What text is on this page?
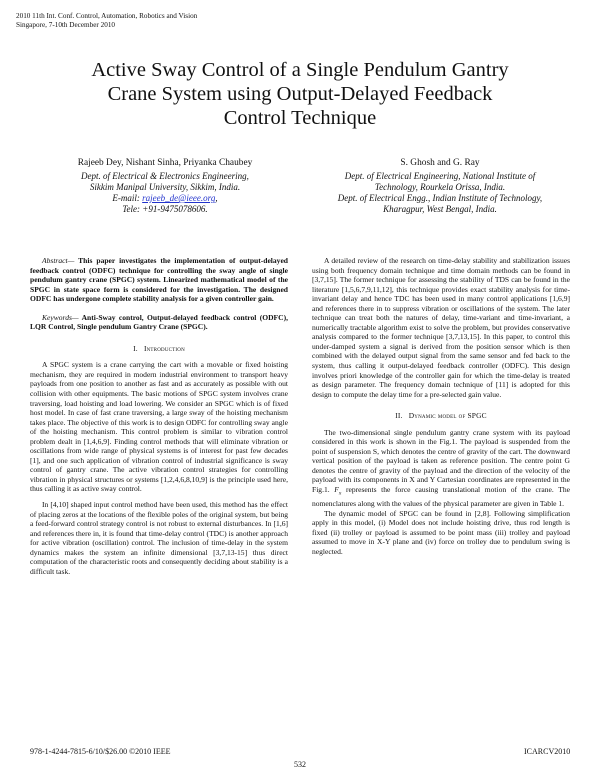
2010 11th Int. Conf. Control, Automation, Robotics and Vision
Singapore, 7-10th December 2010
Active Sway Control of a Single Pendulum Gantry
Crane System using Output-Delayed Feedback
Control Technique
Rajeeb Dey, Nishant Sinha, Priyanka Chaubey
Dept. of Electrical & Electronics Engineering,
Sikkim Manipal University, Sikkim, India.
E-mail: rajeeb_de@ieee.org,
Tele: +91-9475078606.
S. Ghosh and G. Ray
Dept. of Electrical Engineering, National Institute of
Technology, Rourkela Orissa, India.
Dept. of Electrical Engg., Indian Institute of Technology,
Kharagpur, West Bengal, India.

Abstract— This paper investigates the implementation of output-delayed feedback control (ODFC) technique for controlling the sway angle of single pendulum gantry crane (SPGC) system. Linearized mathematical model of the SPGC in state space form is considered for the investigation. The designed ODFC has undergone complete stability analysis for a given controller gain.

Keywords— Anti-Sway control, Output-delayed feedback control (ODFC), LQR Control, Single pendulum Gantry Crane (SPGC).

I. Introduction

A SPGC system is a crane carrying the cart with a movable or fixed hoisting mechanism, they are required in modern industrial environment to transport heavy payloads from one position to another as fast and as accurately as possible with out collision with other equipments. The basic motions of SPGC system involves crane traversing, load hoisting and load lowering. We consider an SPGC which is of fixed host model. In case of fast crane traversing, a large sway of the hoisting mechanism takes place. The objective of this work is to design ODFC for controlling sway angle of the hoisting mechanism. This control problem is similar to vibration control problem dealt in [1,4,6,9]. Finding control methods that will eliminate vibration or oscillations from wide range of physical systems is of interest for past few decades [1], and one such application of vibration control of industrial significance is sway control of gantry crane. The active vibration control strategies for controlling vibration in physical structures or systems [1,2,4,6,8,10,9] is the principle used here, thus calling it as active sway control.

In [4,10] shaped input control method have been used, this method has the effect of placing zeros at the locations of the flexible poles of the original system, but being a feed-forward control strategy control is not robust to external disturbances. In [1,6] and references there in, it is found that time-delay control (TDC) is another approach for active vibration (oscillation) control. The inclusion of time-delay in the system dynamics makes the system an infinite dimensional [3,7,13-15] thus direct computation of the characteristic roots and consequently deciding about stability is a difficult task.

A detailed review of the research on time-delay stability and stabilization issues using both frequency domain technique and time domain methods can be found in [3,7,15]. The former technique for assessing the stability of TDS can be found in the literature [1,5,6,7,9,11,12], this technique provides exact stability analysis for time-invariant delay and hence TDC has been used in many control applications [1,6,9] and references there in to suppress vibration or oscillations of the system. The later technique can treat both the natures of delay, time-variant and time-invariant, a numerically tractable algorithm exist to solve the problem, but provides conservative analysis compared to the former technique [3,7,13,15]. In this paper, to control this under-damped system a signal is derived from the position sensor which is then combined with the delayed output signal from the same sensor and fed back to the system, thus calling it output-delayed feedback controller (ODFC). This design involves priori knowledge of the controller gain for which the time-delay is treated as design parameter. The frequency domain technique of [11] is adopted for this design to compute the delay time for a pre-selected gain value.

II. Dynamic model of SPGC

The two-dimensional single pendulum gantry crane system with its payload considered in this work is shown in the Fig.1. The payload is suspended from the point of suspension S, which denotes the centre of gravity of the cart. The downward vertical position of the payload is taken as reference position. The centre point G denotes the centre of gravity of the payload and the direction of the velocity of the payload with its components in X and Y Cartesian coordinates are represented in the Fig.1. $F_x$ represents the force causing translational motion of the crane. The nomenclatures along with the values of the physical parameter are given in Table 1.

The dynamic model of SPGC can be found in [2,8]. Following simplification apply in this model, (i) Model does not include hoisting drive, thus rod length is fixed (ii) trolley or payload is assumed to be point mass (iii) trolley and payload assumed to move in X-Y plane and (iv) force on trolley due to pendulum swing is neglected.

978-1-4244-7815-6/10/$26.00 ©2010 IEEE	ICARCV2010
532
